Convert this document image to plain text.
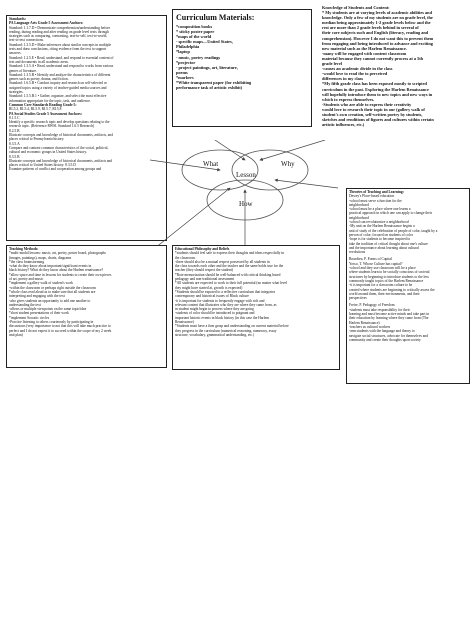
Standards:
PA Language Arts Grade 5 Assessment Anchors:
Standard: 1.1.7.D • Demonstrate comprehension/understanding before
reading, during reading and after reading on grade level texts through
strategies such as comparing, contrasting, text-to-self, text-to-world,
text-to-text connections.
Standard: 1.3.5.D • Make inferences about similar concepts in multiple
texts and draw conclusions, citing evidence from the text to support
answers.
Standard: 1.2.5.E • Read, understand, and respond to essential content of
text and documents in all academic areas.
Standard: 1.3.5.A • Read, understand and respond to works from various
genres of literature.
Standard: 1.3.5.B • Identify and analyze the characteristics of different
genres such as poetry, drama, and fiction.
Standard: 1.6.5.B • Conduct inquiry and research on self-selected or
assigned topics using a variety of teacher-guided media sources and
strategies.
Standard: 1.5.5.B.1 • Gather, organize, and select the most effective
information appropriate for the topic, task, and audience.
Common Core Standards Reading Grade 5:
RL5.2, RL5.4, RL5.9, RI.5.7, RI.5.8
PA Social Studies Grade 5 Assessment Anchors:
8.1.5.C
Identify a specific research topic and develop questions relating to the
research topic. (Reference RWSL Standard 1.6.5 Research)
8.2.5.B
Illustrate concepts and knowledge of historical documents, artifacts, and
places critical to Pennsylvania history.
8.3.5.A
Compare and contrast common characteristics of the social, political,
cultural and economic groups in United States history.
8.3.5.B
Illustrate concepts and knowledge of historical documents, artifacts and
places critical to United States history. 8.3.5.D
Examine patterns of conflict and cooperation among groups and
Curriculum Materials:
*composition books
* sticky poster paper
*maps of the world
- specific maps—United States,
Philadelphia
*laptop
- music, poetry readings
*projector
- project paintings, art, literature,
poems
*markers
*White transparent paper (for exhibiting
performance task of artistic exhibit)
Knowledge of Students and Content:
* My students are at varying levels of academic abilities and
knowledge. Only a few of my students are on grade level, the
median being approximately 1-2 grade levels below and the
rest are more than 2 grade levels behind in several of
their core subjects such and English (literacy, reading and
comprehension). However I do not want this to prevent them
from engaging and being introduced to advance and exciting
new material such as the Harlem Renaissance.
-many will be engaged with content classroom
material because they cannot currently process at a 5th
grade level
-causes an academic divide in the class
-would love to read the to perceived
differences in my class
*My fifth grade class has been exposed mostly to scripted
curriculum in the past. Exploring the Harlem Renaissance
will hopefully introduce them to new topics and new ways in
which to express themselves.
-Students who are able to express their creativity
would love to research their topic in our (gallery walk of
student's own creation, self-written poetry by students,
sketches and renditions of figures and cultures within certain
artistic influences, etc.)
What	Why
Lesson
How
Teaching Methods:
*multi-modal lessons: music, art, poetry, poster board, photographs
(images, paintings), maps, charts, diagrams
*the class brainstorming
-what do they know about important/significant events in
black history? What do they know about the Harlem renaissance?
*allow space and time in lessons for students to create their own pieces
of art, poetry and music
*implement a gallery walk of student's work
-within the classroom or perhaps right outside the classroom
*whole class read aloud as to make sure that all students are
interpreting and engaging with the text
-also gives students an opportunity to add one another to
understanding the text
-allows or multiple viewpoints on the same topic/idea
*short student presentations of their work
*implement Socratic circles
-Practice listening to others courteously by participating in
discussions (very importance to not that this will take much practice to
perfect and I do not expect it to succeed within the scope of my 2 week
unit plan)
Educational Philosophy and Beliefs
*students should feel safe to express their thoughts and ideas respectfully in
the classroom.
-there should also be a mutual respect possessed by all students in
the class towards each other and the teacher and the same holds true for the
teacher (they should respect the student)
*Rote memorization should be well-balanced with critical thinking based
pedagogy and non-traditional assessment
*All students are expected to work to their full potential (no matter what level
they might have started at, growth is expected)
*Students should be exposed to a reflective curriculum that integrates
contemporary and historical issues of Black culture
-it is important for students to frequently engage with rich and
relevant content that illustrates who they are where they came from, as
in student might begin to process where they are going
-students of color should be introduced to poignant and
important historic events in black history (in this case the Harlem
Renaissance)
*Students must have a firm grasp and understanding on current material before
they progress in the curriculum (numerical reasoning, numeracy, essay
structure, vocabulary, grammatical understanding, etc.)
Theories of Teaching and Learning:
Dewey's Place-based education
-school must serve a function for the
neighborhood
-school must be a place where one learns a
practical approach in which one can apply to change their
neighborhood
-school can revolutionize a neighborhood
-My unit on the Harlem Renaissance begins a
unit of study of the celebration of people of color, taught by a
person of color, focused on students of color
-hope is for students to become inspired to
take the tradition of critical thought about one's culture
and the importance about learning about cultural
revolutions
Bourdieu, P. Forms of Capital
Yosso, T. Whose Culture has capital?
-school and they use classroom will be a place
where students learn to be socially conscious of societal
structures by beginning to introduce students to the less
commonly taught topics of the Harlem Renaissance
-it is important for a classroom culture to be
created where students are beginning to critically assess the
world around them, their environments, and their
perspectives
Freire, P. Pedagogy of Freedom
-students must take responsibility for their
learning and must become active minds and take part in
their education by learning where they came from (The
Harlem Renaissance)
-teachers as cultural workers
-arm students with the language and theory to
navigate social structures, advocate for themselves and
community and create their thoughts upon society
